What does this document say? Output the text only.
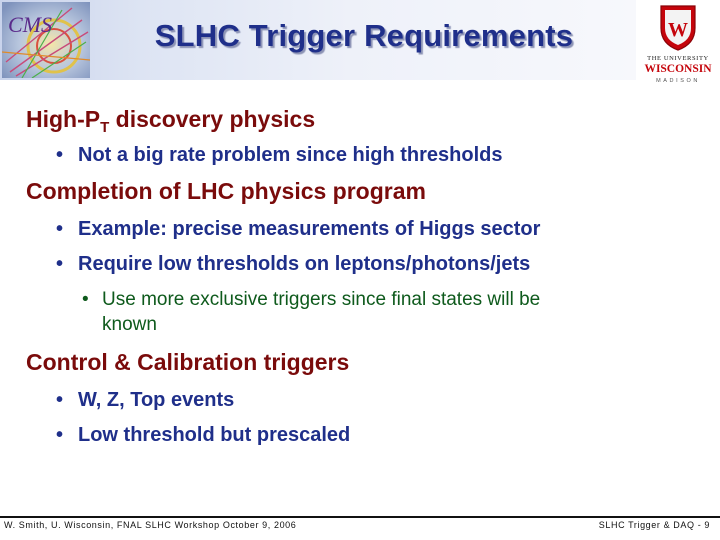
CMS	SLHC Trigger Requirements	W
THE UNIVERSITY
WISCONSIN
MADISON
High-$P_T$ discovery physics
• Not a big rate problem since high thresholds
Completion of LHC physics program
• Example: precise measurements of Higgs sector
• Require low thresholds on leptons/photons/jets
• Use more exclusive triggers since final states will be
known
Control & Calibration triggers
• W, Z, Top events
• Low threshold but prescaled
W. Smith, U. Wisconsin, FNAL SLHC Workshop October 9, 2006	SLHC Trigger & DAQ - 9
